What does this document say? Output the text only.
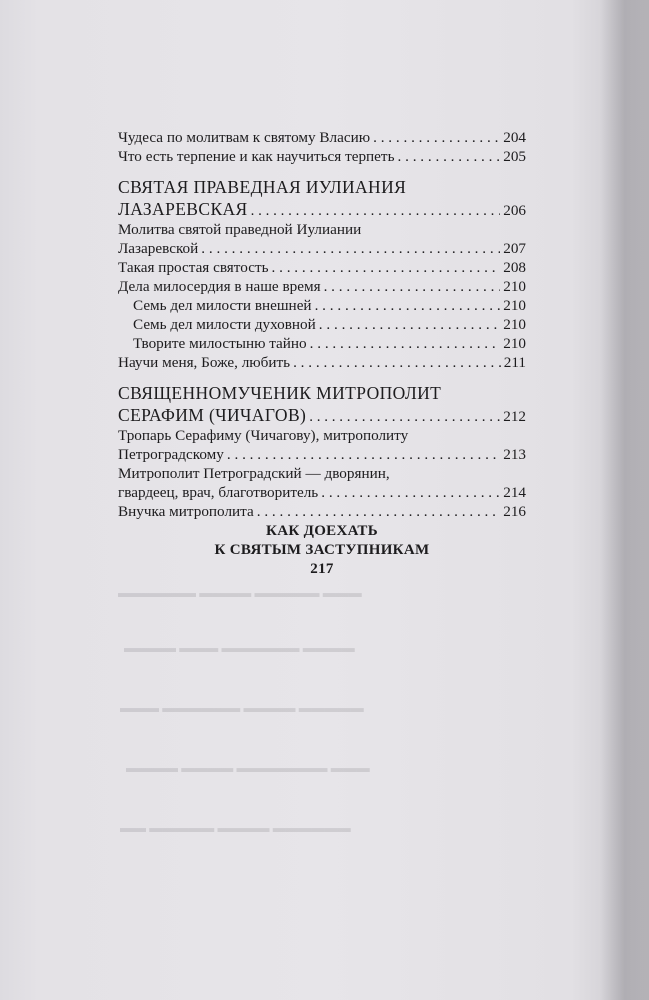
▬▬▬ ▬▬▬▬▬ ▬▬▬▬ ▬▬▬▬▬▬
▬▬▬▬ ▬▬▬▬▬▬ ▬▬▬ ▬▬▬▬
▬▬▬▬▬ ▬▬▬▬ ▬▬▬▬▬▬ ▬▬▬
▬▬▬ ▬▬▬▬▬▬▬ ▬▬▬▬ ▬▬▬▬
▬▬▬▬▬▬ ▬▬▬▬ ▬▬▬▬▬ ▬▬
Чудеса по молитвам к святому Власию . . .	204
Что есть терпение и как научиться терпеть . . .	205
СВЯТАЯ ПРАВЕДНАЯ ИУЛИАНИЯ
ЛАЗАРЕВСКАЯ . . .	206
Молитва святой праведной Иулиании
Лазаревской . . .	207
Такая простая святость . . .	208
Дела милосердия в наше время . . .	210
Семь дел милости внешней . . .	210
Семь дел милости духовной . . .	210
Творите милостыню тайно . . .	210
Научи меня, Боже, любить . . .	211
СВЯЩЕННОМУЧЕНИК МИТРОПОЛИТ
СЕРАФИМ (ЧИЧАГОВ) . . .	212
Тропарь Серафиму (Чичагову), митрополиту
Петроградскому . . .	213
Митрополит Петроградский — дворянин,
гвардеец, врач, благотворитель . . .	214
Внучка митрополита . . .	216
КАК ДОЕХАТЬ
К СВЯТЫМ ЗАСТУПНИКАМ
217
